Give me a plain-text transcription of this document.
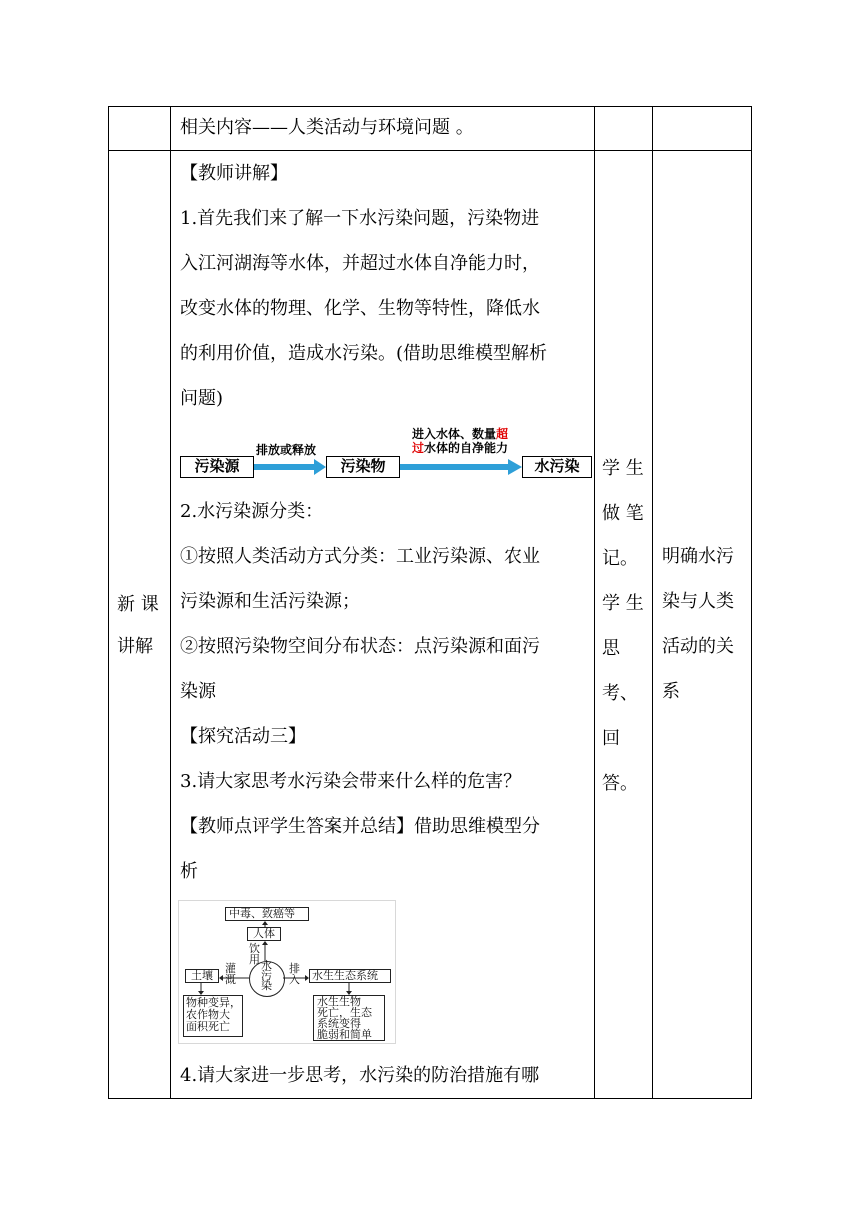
相关内容——人类活动与环境问题 。
新 课
讲解
【教师讲解】
1.首先我们来了解一下水污染问题，污染物进
入江河湖海等水体，并超过水体自净能力时，
改变水体的物理、化学、生物等特性，降低水
的利用价值，造成水污染。(借助思维模型解析
问题)
污染源
排放或释放
污染物
进入水体、数量超
过水体的自净能力
水污染
2.水污染源分类：
①按照人类活动方式分类：工业污染源、农业
污染源和生活污染源；
②按照污染物空间分布状态：点污染源和面污
染源
【探究活动三】
3.请大家思考水污染会带来什么样的危害？
【教师点评学生答案并总结】借助思维模型分
析
中毒、致癌等
人体
饮用 水污染
土壤
灌溉
排入 水生生态系统
物种变异，
农作物大
面积死亡
水生生物
死亡，生态
系统变得
脆弱和简单
4.请大家进一步思考，水污染的防治措施有哪
学 生
做 笔
记。
学 生
思
考、
回
答。
明确水污
染与人类
活动的关
系
